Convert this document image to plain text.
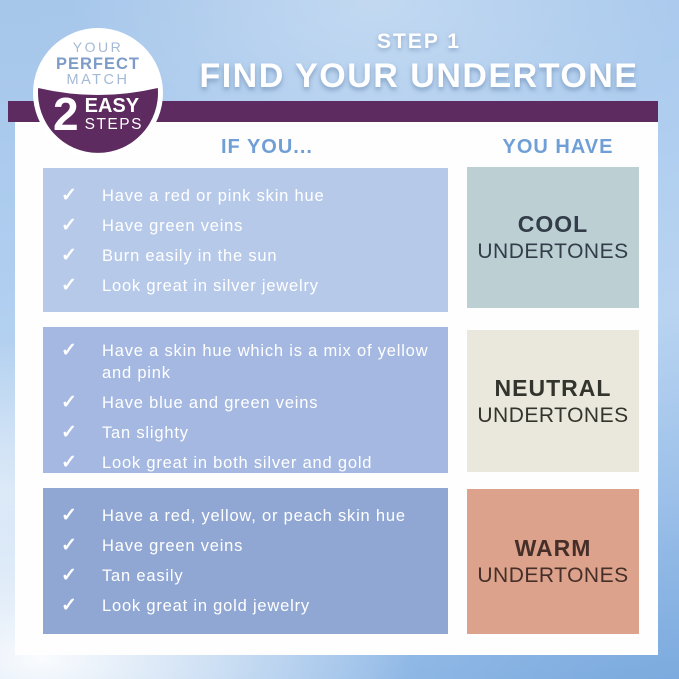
STEP 1
FIND YOUR UNDERTONE
YOUR
PERFECT
MATCH
2 EASY
STEPS
IF YOU...	YOU HAVE
✓	Have a red or pink skin hue
✓	Have green veins
✓	Burn easily in the sun
✓	Look great in silver jewelry
COOL
UNDERTONES
✓	Have a skin hue which is a mix of yellow and pink
✓	Have blue and green veins
✓	Tan slighty
✓	Look great in both silver and gold
NEUTRAL
UNDERTONES
✓	Have a red, yellow, or peach skin hue
✓	Have green veins
✓	Tan easily
✓	Look great in gold jewelry
WARM
UNDERTONES
